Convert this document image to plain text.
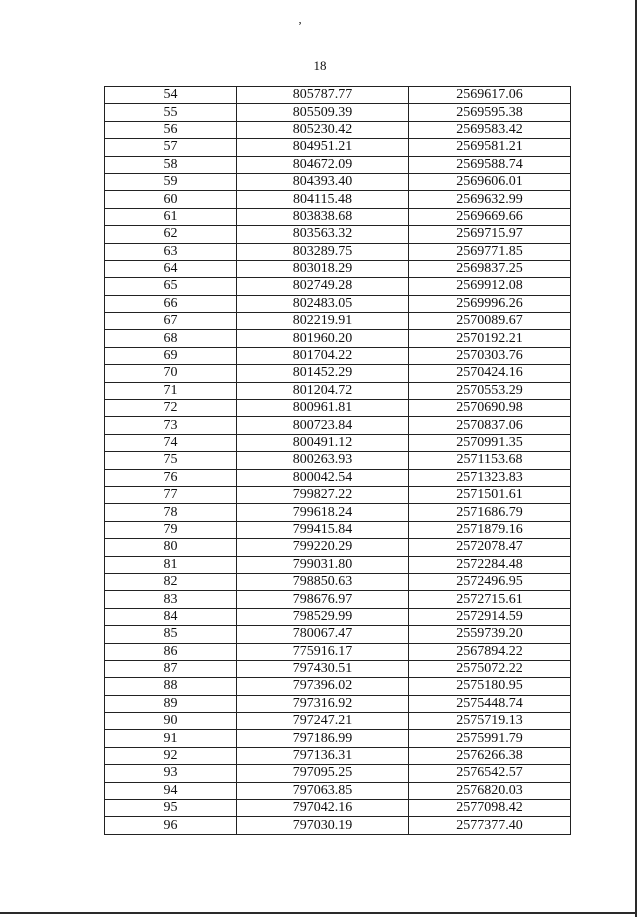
ʼ
18
54	805787.77	2569617.06
55	805509.39	2569595.38
56	805230.42	2569583.42
57	804951.21	2569581.21
58	804672.09	2569588.74
59	804393.40	2569606.01
60	804115.48	2569632.99
61	803838.68	2569669.66
62	803563.32	2569715.97
63	803289.75	2569771.85
64	803018.29	2569837.25
65	802749.28	2569912.08
66	802483.05	2569996.26
67	802219.91	2570089.67
68	801960.20	2570192.21
69	801704.22	2570303.76
70	801452.29	2570424.16
71	801204.72	2570553.29
72	800961.81	2570690.98
73	800723.84	2570837.06
74	800491.12	2570991.35
75	800263.93	2571153.68
76	800042.54	2571323.83
77	799827.22	2571501.61
78	799618.24	2571686.79
79	799415.84	2571879.16
80	799220.29	2572078.47
81	799031.80	2572284.48
82	798850.63	2572496.95
83	798676.97	2572715.61
84	798529.99	2572914.59
85	780067.47	2559739.20
86	775916.17	2567894.22
87	797430.51	2575072.22
88	797396.02	2575180.95
89	797316.92	2575448.74
90	797247.21	2575719.13
91	797186.99	2575991.79
92	797136.31	2576266.38
93	797095.25	2576542.57
94	797063.85	2576820.03
95	797042.16	2577098.42
96	797030.19	2577377.40
